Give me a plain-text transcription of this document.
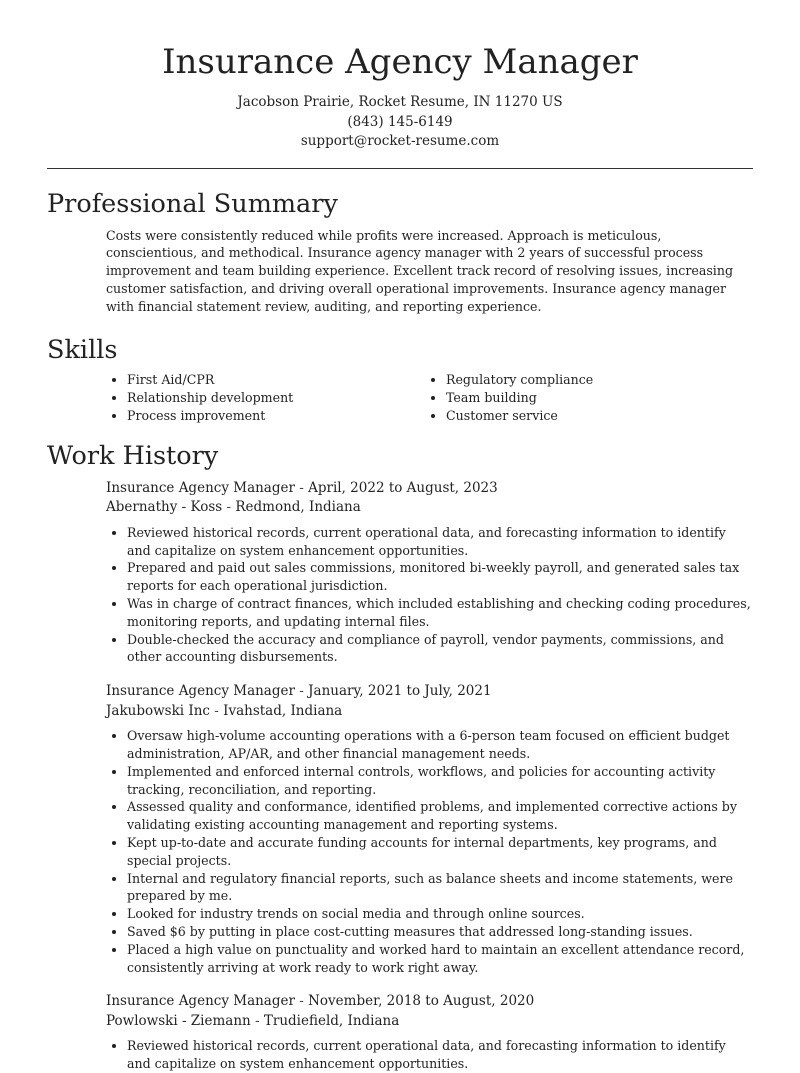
Insurance Agency Manager
Jacobson Prairie, Rocket Resume, IN 11270 US
(843) 145-6149
support@rocket-resume.com
Professional Summary
Costs were consistently reduced while profits were increased. Approach is meticulous, conscientious, and methodical. Insurance agency manager with 2 years of successful process improvement and team building experience. Excellent track record of resolving issues, increasing customer satisfaction, and driving overall operational improvements. Insurance agency manager with financial statement review, auditing, and reporting experience.
Skills
• First Aid/CPR
• Relationship development
• Process improvement
• Regulatory compliance
• Team building
• Customer service
Work History
Insurance Agency Manager - April, 2022 to August, 2023
Abernathy - Koss - Redmond, Indiana
• Reviewed historical records, current operational data, and forecasting information to identify and capitalize on system enhancement opportunities.
• Prepared and paid out sales commissions, monitored bi-weekly payroll, and generated sales tax reports for each operational jurisdiction.
• Was in charge of contract finances, which included establishing and checking coding procedures, monitoring reports, and updating internal files.
• Double-checked the accuracy and compliance of payroll, vendor payments, commissions, and other accounting disbursements.
Insurance Agency Manager - January, 2021 to July, 2021
Jakubowski Inc - Ivahstad, Indiana
• Oversaw high-volume accounting operations with a 6-person team focused on efficient budget administration, AP/AR, and other financial management needs.
• Implemented and enforced internal controls, workflows, and policies for accounting activity tracking, reconciliation, and reporting.
• Assessed quality and conformance, identified problems, and implemented corrective actions by validating existing accounting management and reporting systems.
• Kept up-to-date and accurate funding accounts for internal departments, key programs, and special projects.
• Internal and regulatory financial reports, such as balance sheets and income statements, were prepared by me.
• Looked for industry trends on social media and through online sources.
• Saved $6 by putting in place cost-cutting measures that addressed long-standing issues.
• Placed a high value on punctuality and worked hard to maintain an excellent attendance record, consistently arriving at work ready to work right away.
Insurance Agency Manager - November, 2018 to August, 2020
Powlowski - Ziemann - Trudiefield, Indiana
• Reviewed historical records, current operational data, and forecasting information to identify and capitalize on system enhancement opportunities.
